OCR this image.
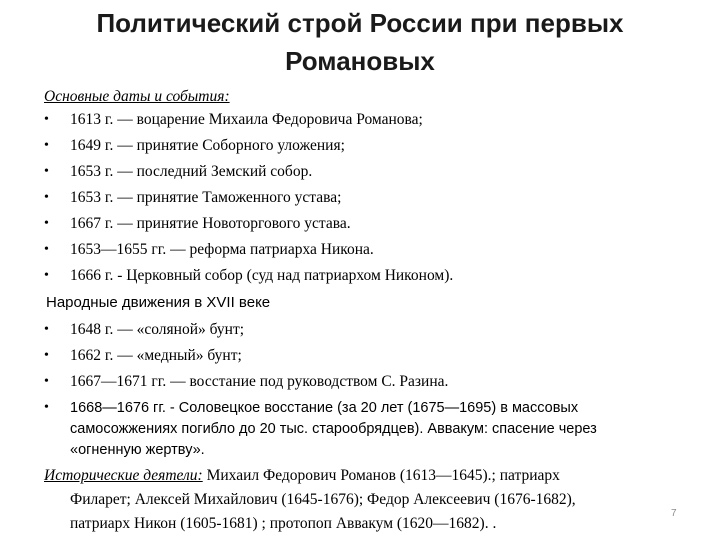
Политический строй России при первых
Романовых
Основные даты и события:
•	1613 г. — воцарение Михаила Федоровича Романова;
•	1649 г. — принятие Соборного уложения;
•	1653 г. — последний Земский собор.
•	1653 г. — принятие Таможенного устава;
•	1667 г. — принятие Новоторгового устава.
•	1653—1655 гг. — реформа патриарха Никона.
•	1666 г. - Церковный собор (суд над патриархом Никоном).
Народные движения в XVII веке
•	1648 г. — «соляной» бунт;
•	1662 г. — «медный» бунт;
•	1667—1671 гг. — восстание под руководством С. Разина.
•	1668—1676 гг. - Соловецкое восстание (за 20 лет (1675—1695) в массовых
самосожжениях погибло до 20 тыс. старообрядцев). Аввакум: спасение через
«огненную жертву».
Исторические деятели: Михаил Федорович Романов (1613—1645).; патриарх
Филарет; Алексей Михайлович (1645-1676); Федор Алексеевич (1676-1682),
патриарх Никон (1605-1681) ; протопоп Аввакум (1620—1682). .
7
